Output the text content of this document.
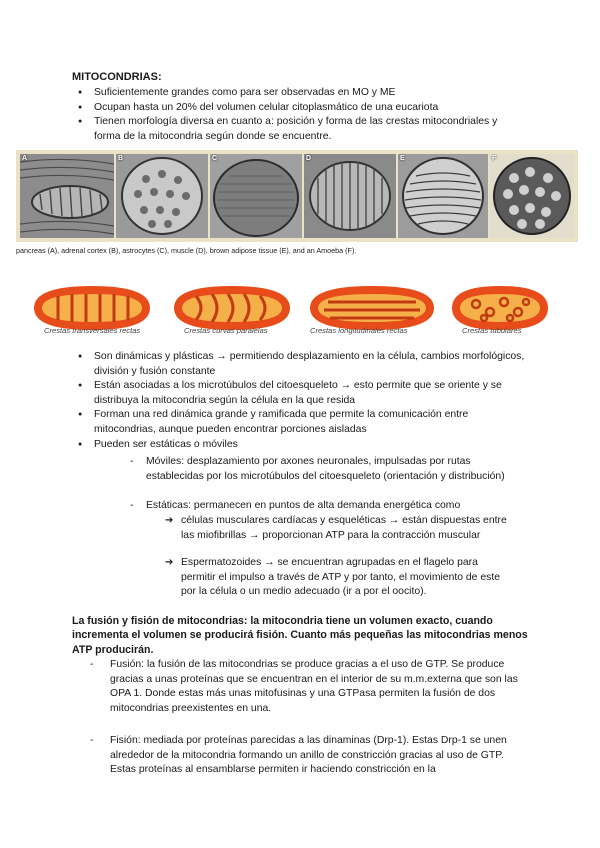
MITOCONDRIAS:
● Suficientemente grandes como para ser observadas en MO y ME
● Ocupan hasta un 20% del volumen celular citoplasmático de una eucariota
● Tienen morfología diversa en cuanto a: posición y forma de las crestas mitocondriales y forma de la mitocondria según donde se encuentre.
A	B	C	D	E	F
pancreas (A), adrenal cortex (B), astrocytes (C), muscle (D), brown adipose tissue (E), and an Amoeba (F).
Crestas transversales rectas	Crestas curvas paralelas	Crestas longitudinales rectas	Crestas tubulares
● Son dinámicas y plásticas → permitiendo desplazamiento en la célula, cambios morfológicos, división y fusión constante
● Están asociadas a los microtúbulos del citoesqueleto → esto permite que se oriente y se distribuya la mitocondria según la célula en la que resida
● Forman una red dinámica grande y ramificada que permite la comunicación entre mitocondrias, aunque pueden encontrar porciones aisladas
● Pueden ser estáticas o móviles
- Móviles: desplazamiento por axones neuronales, impulsadas por rutas establecidas por los microtúbulos del citoesqueleto (orientación y distribución)
- Estáticas: permanecen en puntos de alta demanda energética como
➔ células musculares cardíacas y esqueléticas → están dispuestas entre las miofibrillas → proporcionan ATP para la contracción muscular
➔ Espermatozoides → se encuentran agrupadas en el flagelo para permitir el impulso a través de ATP y por tanto, el movimiento de este por la célula o un medio adecuado (ir a por el oocito).
La fusión y fisión de mitocondrias: la mitocondria tiene un volumen exacto, cuando incrementa el volumen se producirá fisión. Cuanto más pequeñas las mitocondrias menos ATP producirán.
- Fusión: la fusión de las mitocondrias se produce gracias a el uso de GTP. Se produce gracias a unas proteínas que se encuentran en el interior de su m.m.externa que son las OPA 1. Donde estas más unas mitofusinas y una GTPasa permiten la fusión de dos mitocondrias preexistentes en una.
- Fisión: mediada por proteínas parecidas a las dinaminas (Drp-1). Estas Drp-1 se unen alrededor de la mitocondria formando un anillo de constricción gracias al uso de GTP. Estas proteínas al ensamblarse permiten ir haciendo constricción en la
